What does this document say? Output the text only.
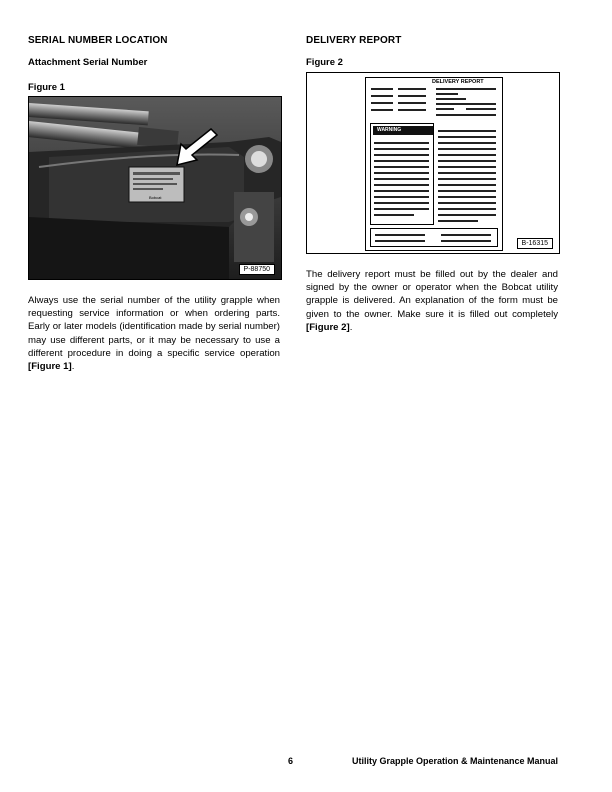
SERIAL NUMBER LOCATION
Attachment Serial Number
Figure 1
Bobcat
P-88750
Always use the serial number of the utility grapple when requesting service information or when ordering parts. Early or later models (identification made by serial number) may use different parts, or it may be necessary to use a different procedure in doing a specific service operation [Figure 1].
DELIVERY REPORT
Figure 2
DELIVERY REPORT
WARNING
B-16315
The delivery report must be filled out by the dealer and signed by the owner or operator when the Bobcat utility grapple is delivered. An explanation of the form must be given to the owner. Make sure it is filled out completely [Figure 2].
6	Utility Grapple Operation & Maintenance Manual
